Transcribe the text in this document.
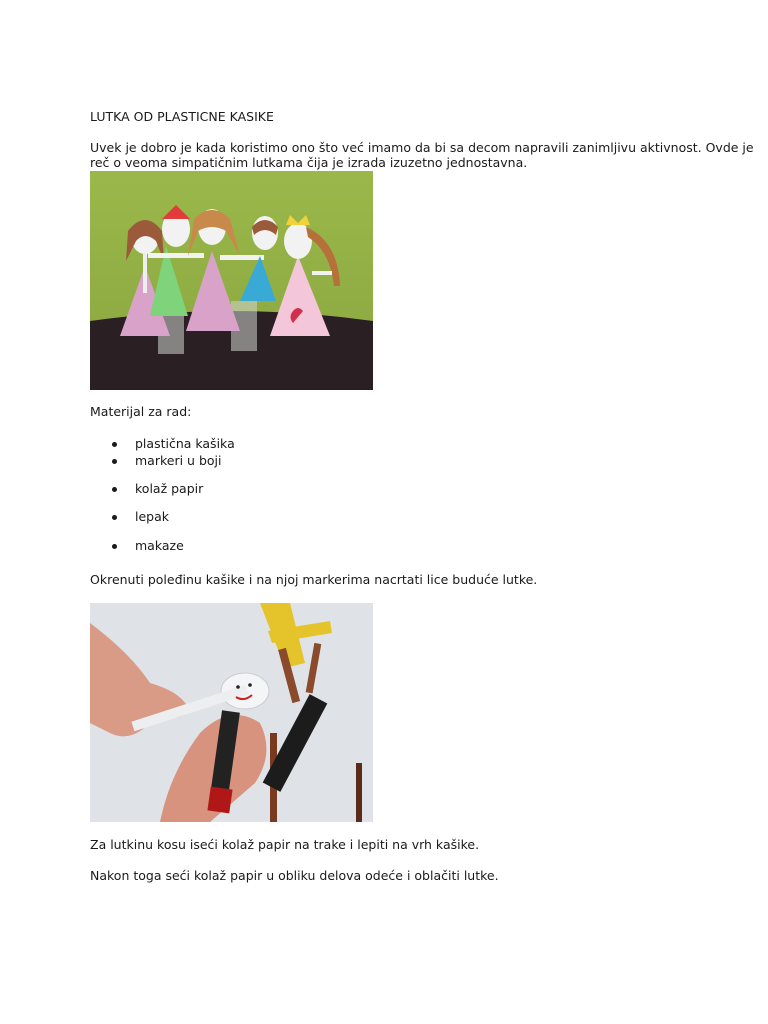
LUTKA OD PLASTICNE KASIKE
Uvek je dobro je kada koristimo ono što već imamo da bi sa decom napravili zanimljivu aktivnost. Ovde je
reč o veoma simpatičnim lutkama čija je izrada izuzetno jednostavna.
Materijal za rad:
plastična kašika
markeri u boji
kolaž papir
lepak
makaze
Okrenuti poleđinu kašike i na njoj markerima nacrtati lice buduće lutke.
Za lutkinu kosu iseći kolaž papir na trake i lepiti na vrh kašike.
Nakon toga seći kolaž papir u obliku delova odeće i oblačiti lutke.
